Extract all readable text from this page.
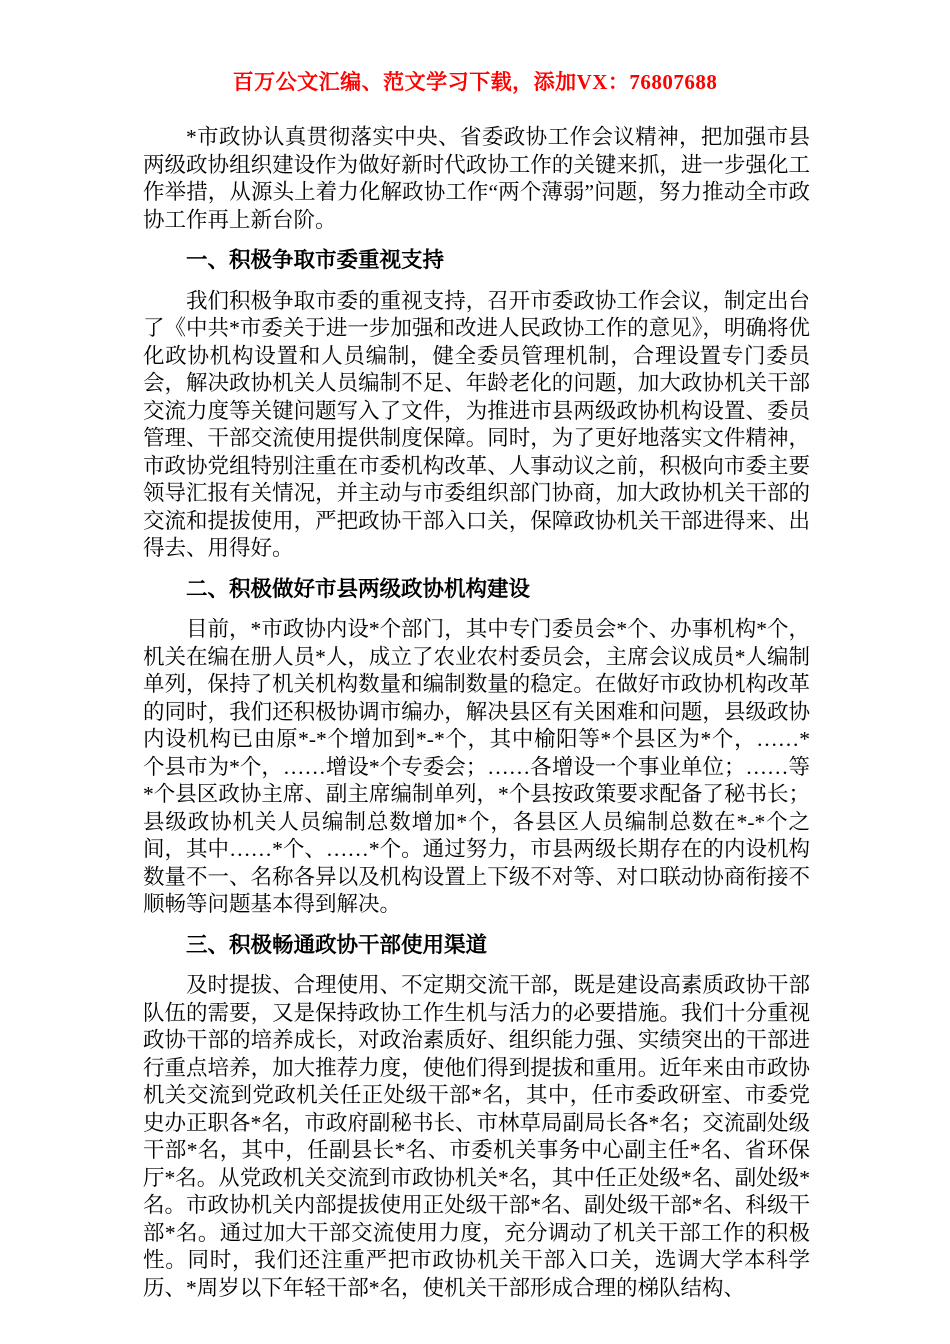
百万公文汇编、范文学习下载，添加VX：76807688

*市政协认真贯彻落实中央、省委政协工作会议精神，把加强市县两级政协组织建设作为做好新时代政协工作的关键来抓，进一步强化工作举措，从源头上着力化解政协工作“两个薄弱”问题，努力推动全市政协工作再上新台阶。

一、积极争取市委重视支持

我们积极争取市委的重视支持，召开市委政协工作会议，制定出台了《中共*市委关于进一步加强和改进人民政协工作的意见》，明确将优化政协机构设置和人员编制，健全委员管理机制，合理设置专门委员会，解决政协机关人员编制不足、年龄老化的问题，加大政协机关干部交流力度等关键问题写入了文件，为推进市县两级政协机构设置、委员管理、干部交流使用提供制度保障。同时，为了更好地落实文件精神，市政协党组特别注重在市委机构改革、人事动议之前，积极向市委主要领导汇报有关情况，并主动与市委组织部门协商，加大政协机关干部的交流和提拔使用，严把政协干部入口关，保障政协机关干部进得来、出得去、用得好。

二、积极做好市县两级政协机构建设

目前，*市政协内设*个部门，其中专门委员会*个、办事机构*个，机关在编在册人员*人，成立了农业农村委员会，主席会议成员*人编制单列，保持了机关机构数量和编制数量的稳定。在做好市政协机构改革的同时，我们还积极协调市编办，解决县区有关困难和问题，县级政协内设机构已由原*-*个增加到*-*个，其中榆阳等*个县区为*个，……*个县市为*个，……增设*个专委会；……各增设一个事业单位；……等*个县区政协主席、副主席编制单列，*个县按政策要求配备了秘书长；县级政协机关人员编制总数增加*个，各县区人员编制总数在*-*个之间，其中……*个、……*个。通过努力，市县两级长期存在的内设机构数量不一、名称各异以及机构设置上下级不对等、对口联动协商衔接不顺畅等问题基本得到解决。

三、积极畅通政协干部使用渠道

及时提拔、合理使用、不定期交流干部，既是建设高素质政协干部队伍的需要，又是保持政协工作生机与活力的必要措施。我们十分重视政协干部的培养成长，对政治素质好、组织能力强、实绩突出的干部进行重点培养，加大推荐力度，使他们得到提拔和重用。近年来由市政协机关交流到党政机关任正处级干部*名，其中，任市委政研室、市委党史办正职各*名，市政府副秘书长、市林草局副局长各*名；交流副处级干部*名，其中，任副县长*名、市委机关事务中心副主任*名、省环保厅*名。从党政机关交流到市政协机关*名，其中任正处级*名、副处级*名。市政协机关内部提拔使用正处级干部*名、副处级干部*名、科级干部*名。通过加大干部交流使用力度，充分调动了机关干部工作的积极性。同时，我们还注重严把市政协机关干部入口关，选调大学本科学历、*周岁以下年轻干部*名，使机关干部形成合理的梯队结构、
